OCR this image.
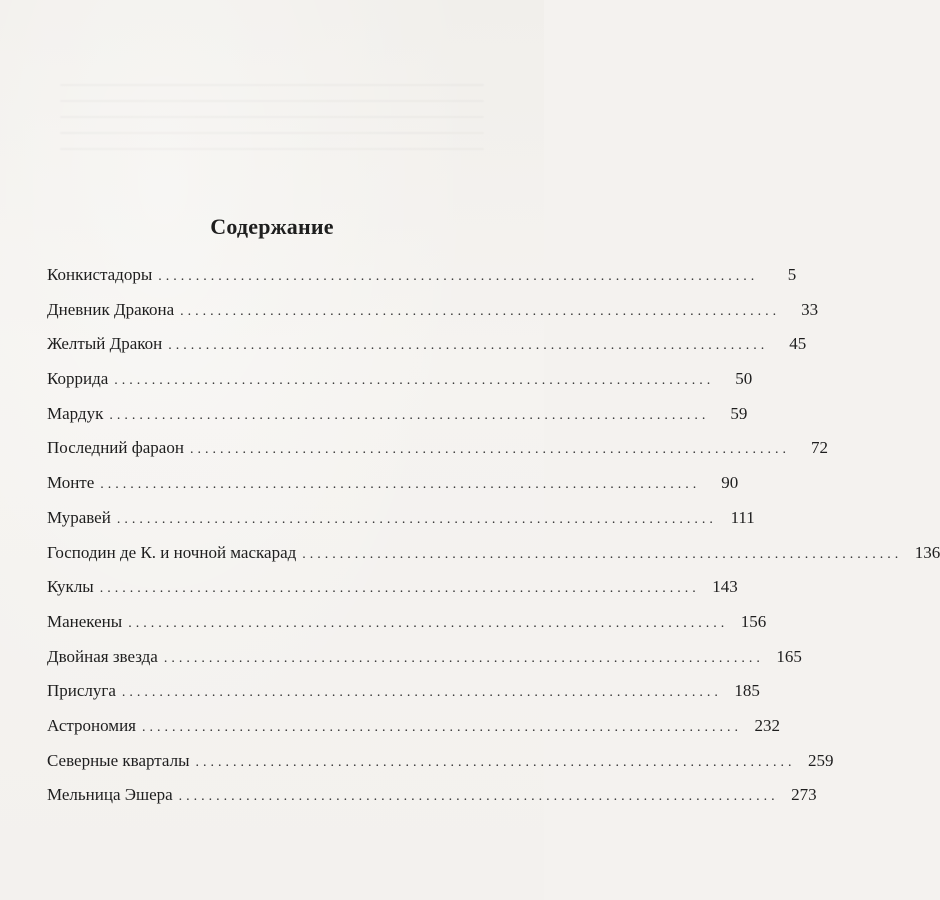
Содержание
Конкистадоры ................................................................................	5
Дневник Дракона ................................................................................	33
Желтый Дракон ................................................................................	45
Коррида ................................................................................	50
Мардук ................................................................................	59
Последний фараон ................................................................................	72
Монте ................................................................................	90
Муравей ................................................................................ 111
Господин де К. и ночной маскарад ................................................................................ 136
Куклы ................................................................................ 143
Манекены ................................................................................ 156
Двойная звезда ................................................................................ 165
Прислуга ................................................................................ 185
Астрономия ................................................................................ 232
Северные кварталы ................................................................................ 259
Мельница Эшера ................................................................................ 273
